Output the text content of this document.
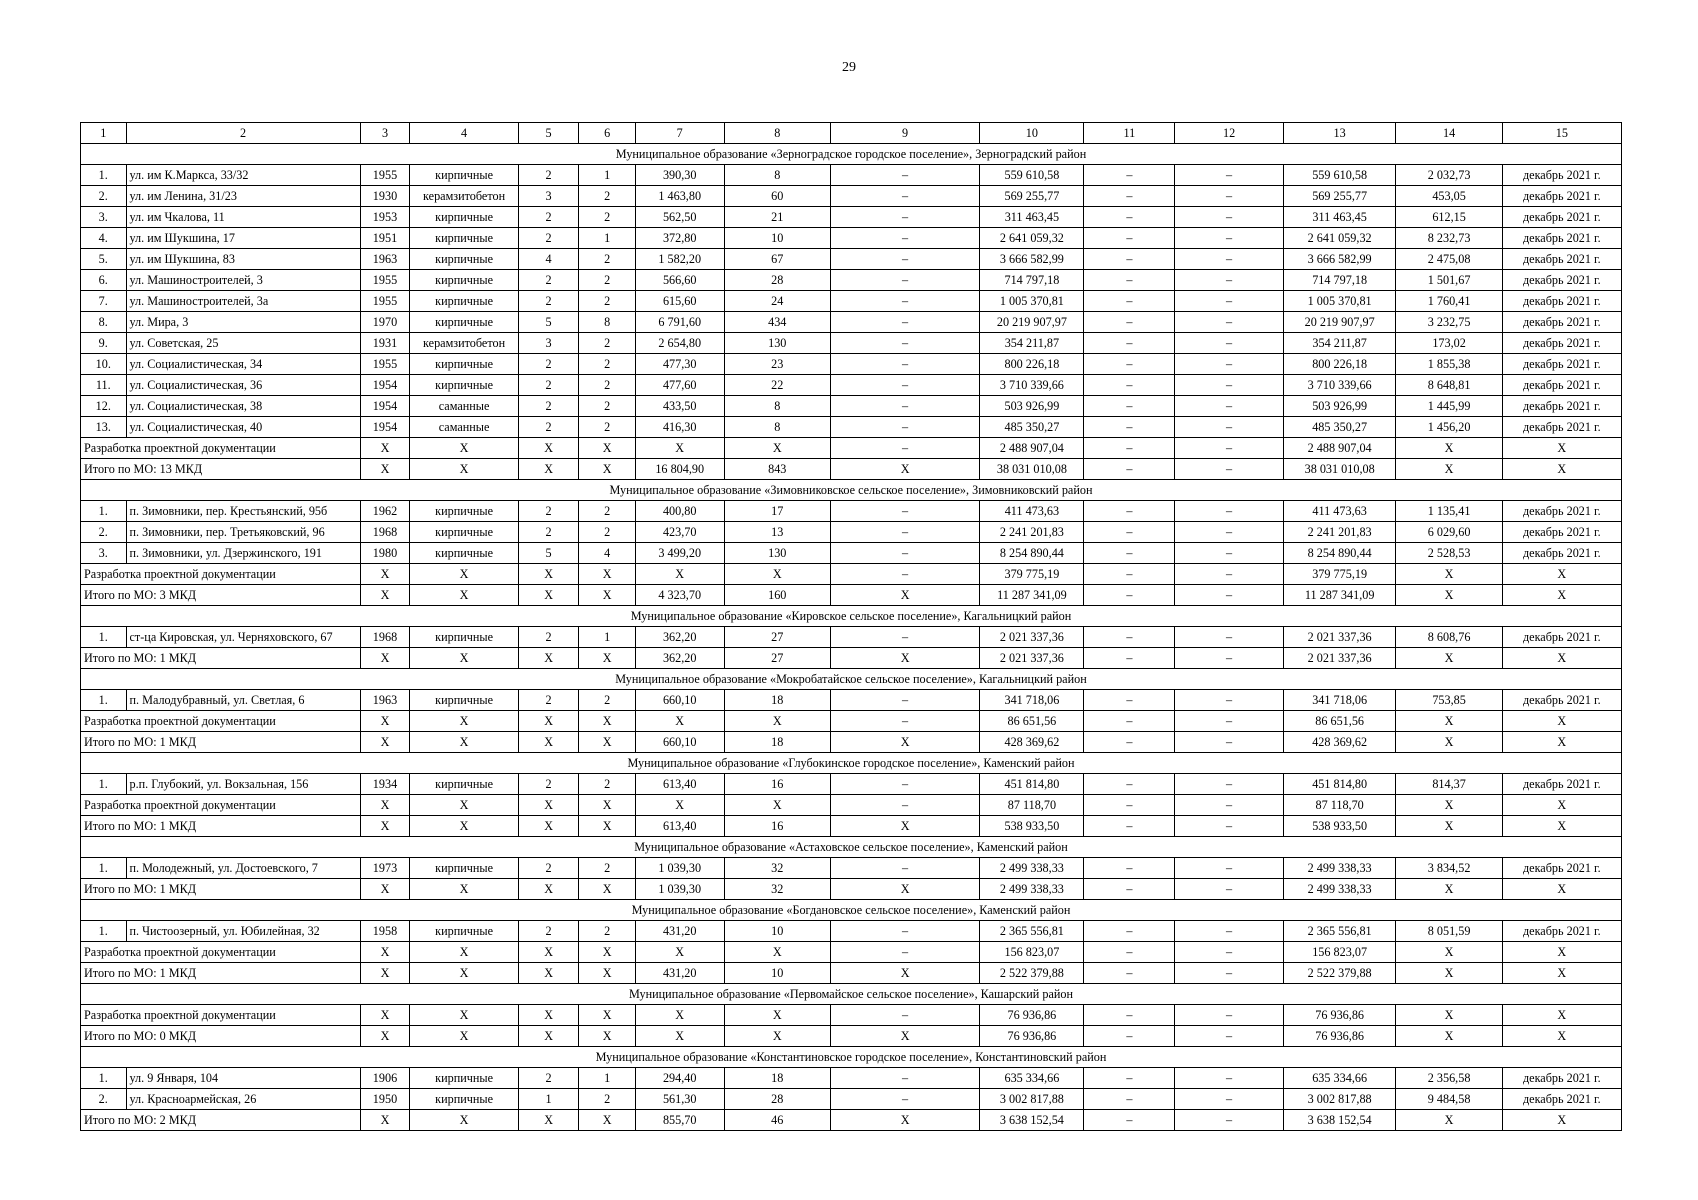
29
1	2	3	4	5	6	7	8	9	10	11	12	13	14	15
Муниципальное образование «Зерноградское городское поселение», Зерноградский район														
1.	ул. им К.Маркса, 33/32	1955	кирпичные	2	1	390,30	8	–	559 610,58	–	–	559 610,58	2 032,73	декабрь 2021 г.
2.	ул. им Ленина, 31/23	1930	керамзитобетон	3	2	1 463,80	60	–	569 255,77	–	–	569 255,77	453,05	декабрь 2021 г.
3.	ул. им Чкалова, 11	1953	кирпичные	2	2	562,50	21	–	311 463,45	–	–	311 463,45	612,15	декабрь 2021 г.
4.	ул. им Шукшина, 17	1951	кирпичные	2	1	372,80	10	–	2 641 059,32	–	–	2 641 059,32	8 232,73	декабрь 2021 г.
5.	ул. им Шукшина, 83	1963	кирпичные	4	2	1 582,20	67	–	3 666 582,99	–	–	3 666 582,99	2 475,08	декабрь 2021 г.
6.	ул. Машиностроителей, 3	1955	кирпичные	2	2	566,60	28	–	714 797,18	–	–	714 797,18	1 501,67	декабрь 2021 г.
7.	ул. Машиностроителей, 3а	1955	кирпичные	2	2	615,60	24	–	1 005 370,81	–	–	1 005 370,81	1 760,41	декабрь 2021 г.
8.	ул. Мира, 3	1970	кирпичные	5	8	6 791,60	434	–	20 219 907,97	–	–	20 219 907,97	3 232,75	декабрь 2021 г.
9.	ул. Советская, 25	1931	керамзитобетон	3	2	2 654,80	130	–	354 211,87	–	–	354 211,87	173,02	декабрь 2021 г.
10.	ул. Социалистическая, 34	1955	кирпичные	2	2	477,30	23	–	800 226,18	–	–	800 226,18	1 855,38	декабрь 2021 г.
11.	ул. Социалистическая, 36	1954	кирпичные	2	2	477,60	22	–	3 710 339,66	–	–	3 710 339,66	8 648,81	декабрь 2021 г.
12.	ул. Социалистическая, 38	1954	саманные	2	2	433,50	8	–	503 926,99	–	–	503 926,99	1 445,99	декабрь 2021 г.
13.	ул. Социалистическая, 40	1954	саманные	2	2	416,30	8	–	485 350,27	–	–	485 350,27	1 456,20	декабрь 2021 г.
Разработка проектной документации		X	X	X	X	X	X	–	2 488 907,04	–	–	2 488 907,04	X	X
Итого по МО: 13 МКД		X	X	X	X	16 804,90	843	X	38 031 010,08	–	–	38 031 010,08	X	X
Муниципальное образование «Зимовниковское сельское поселение», Зимовниковский район														
1.	п. Зимовники, пер. Крестьянский, 95б	1962	кирпичные	2	2	400,80	17	–	411 473,63	–	–	411 473,63	1 135,41	декабрь 2021 г.
2.	п. Зимовники, пер. Третьяковский, 96	1968	кирпичные	2	2	423,70	13	–	2 241 201,83	–	–	2 241 201,83	6 029,60	декабрь 2021 г.
3.	п. Зимовники, ул. Дзержинского, 191	1980	кирпичные	5	4	3 499,20	130	–	8 254 890,44	–	–	8 254 890,44	2 528,53	декабрь 2021 г.
Разработка проектной документации		X	X	X	X	X	X	–	379 775,19	–	–	379 775,19	X	X
Итого по МО: 3 МКД		X	X	X	X	4 323,70	160	X	11 287 341,09	–	–	11 287 341,09	X	X
Муниципальное образование «Кировское сельское поселение», Кагальницкий район														
1.	ст-ца Кировская, ул. Черняховского, 67	1968	кирпичные	2	1	362,20	27	–	2 021 337,36	–	–	2 021 337,36	8 608,76	декабрь 2021 г.
Итого по МО: 1 МКД		X	X	X	X	362,20	27	X	2 021 337,36	–	–	2 021 337,36	X	X
Муниципальное образование «Мокробатайское сельское поселение», Кагальницкий район														
1.	п. Малодубравный, ул. Светлая, 6	1963	кирпичные	2	2	660,10	18	–	341 718,06	–	–	341 718,06	753,85	декабрь 2021 г.
Разработка проектной документации		X	X	X	X	X	X	–	86 651,56	–	–	86 651,56	X	X
Итого по МО: 1 МКД		X	X	X	X	660,10	18	X	428 369,62	–	–	428 369,62	X	X
Муниципальное образование «Глубокинское городское поселение», Каменский район														
1.	р.п. Глубокий, ул. Вокзальная, 156	1934	кирпичные	2	2	613,40	16	–	451 814,80	–	–	451 814,80	814,37	декабрь 2021 г.
Разработка проектной документации		X	X	X	X	X	X	–	87 118,70	–	–	87 118,70	X	X
Итого по МО: 1 МКД		X	X	X	X	613,40	16	X	538 933,50	–	–	538 933,50	X	X
Муниципальное образование «Астаховское сельское поселение», Каменский район														
1.	п. Молодежный, ул. Достоевского, 7	1973	кирпичные	2	2	1 039,30	32	–	2 499 338,33	–	–	2 499 338,33	3 834,52	декабрь 2021 г.
Итого по МО: 1 МКД		X	X	X	X	1 039,30	32	X	2 499 338,33	–	–	2 499 338,33	X	X
Муниципальное образование «Богдановское сельское поселение», Каменский район														
1.	п. Чистоозерный, ул. Юбилейная, 32	1958	кирпичные	2	2	431,20	10	–	2 365 556,81	–	–	2 365 556,81	8 051,59	декабрь 2021 г.
Разработка проектной документации		X	X	X	X	X	X	–	156 823,07	–	–	156 823,07	X	X
Итого по МО: 1 МКД		X	X	X	X	431,20	10	X	2 522 379,88	–	–	2 522 379,88	X	X
Муниципальное образование «Первомайское сельское поселение», Кашарский район														
Разработка проектной документации		X	X	X	X	X	X	–	76 936,86	–	–	76 936,86	X	X
Итого по МО: 0 МКД		X	X	X	X	X	X	X	76 936,86	–	–	76 936,86	X	X
Муниципальное образование «Константиновское городское поселение», Константиновский район														
1.	ул. 9 Января, 104	1906	кирпичные	2	1	294,40	18	–	635 334,66	–	–	635 334,66	2 356,58	декабрь 2021 г.
2.	ул. Красноармейская, 26	1950	кирпичные	1	2	561,30	28	–	3 002 817,88	–	–	3 002 817,88	9 484,58	декабрь 2021 г.
Итого по МО: 2 МКД		X	X	X	X	855,70	46	X	3 638 152,54	–	–	3 638 152,54	X	X
